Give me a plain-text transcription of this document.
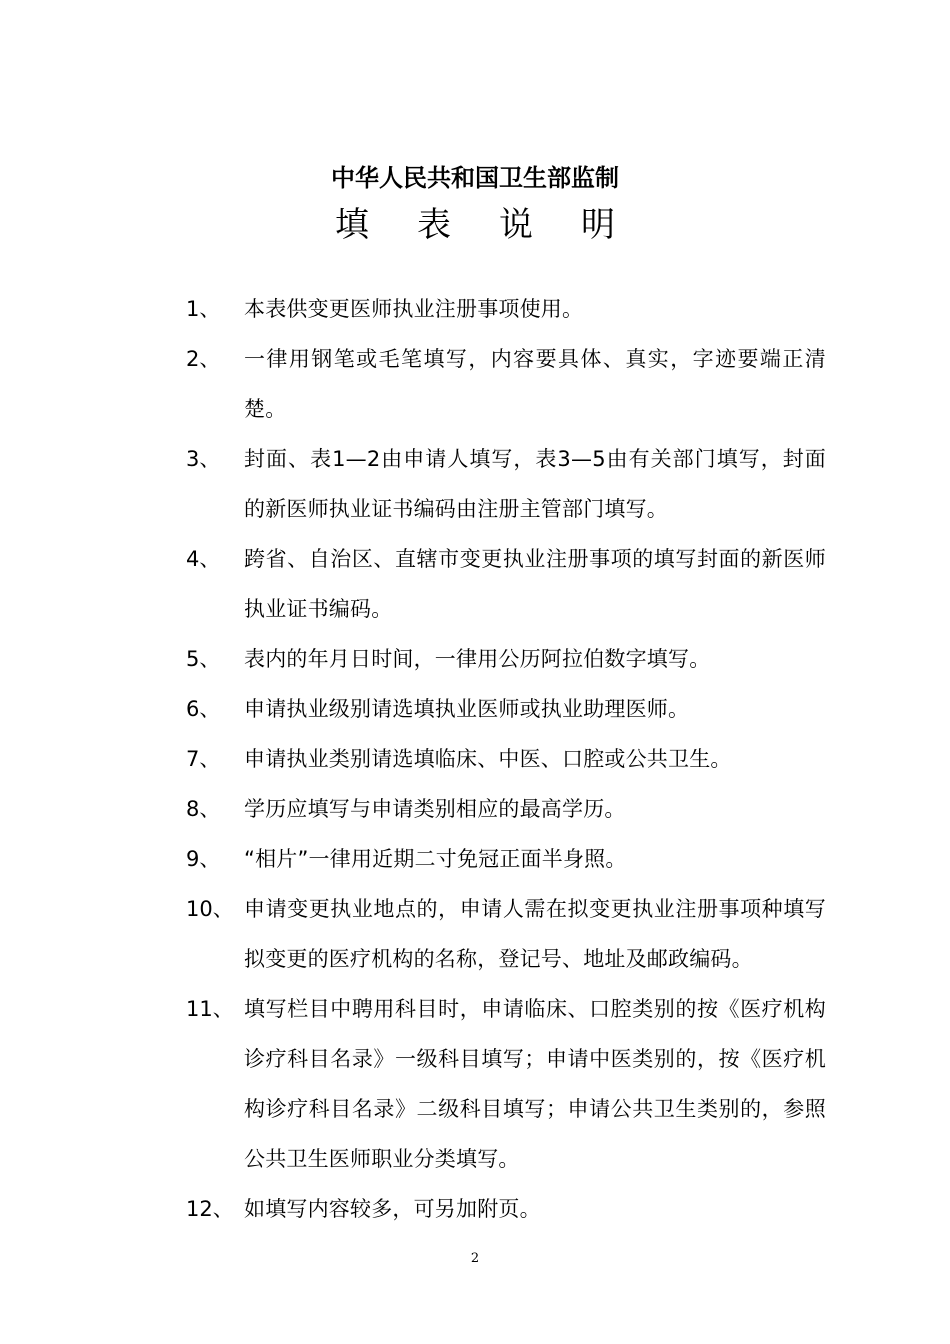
中华人民共和国卫生部监制
填 表 说 明
1、	本表供变更医师执业注册事项使用。
2、	一律用钢笔或毛笔填写，内容要具体、真实，字迹要端正清楚。
3、	封面、表1—2由申请人填写，表3—5由有关部门填写，封面的新医师执业证书编码由注册主管部门填写。
4、	跨省、自治区、直辖市变更执业注册事项的填写封面的新医师执业证书编码。
5、	表内的年月日时间，一律用公历阿拉伯数字填写。
6、	申请执业级别请选填执业医师或执业助理医师。
7、	申请执业类别请选填临床、中医、口腔或公共卫生。
8、	学历应填写与申请类别相应的最高学历。
9、	“相片”一律用近期二寸免冠正面半身照。
10、 申请变更执业地点的，申请人需在拟变更执业注册事项种填写拟变更的医疗机构的名称，登记号、地址及邮政编码。
11、 填写栏目中聘用科目时，申请临床、口腔类别的按《医疗机构诊疗科目名录》一级科目填写；申请中医类别的，按《医疗机构诊疗科目名录》二级科目填写；申请公共卫生类别的，参照公共卫生医师职业分类填写。
12、 如填写内容较多，可另加附页。
2
